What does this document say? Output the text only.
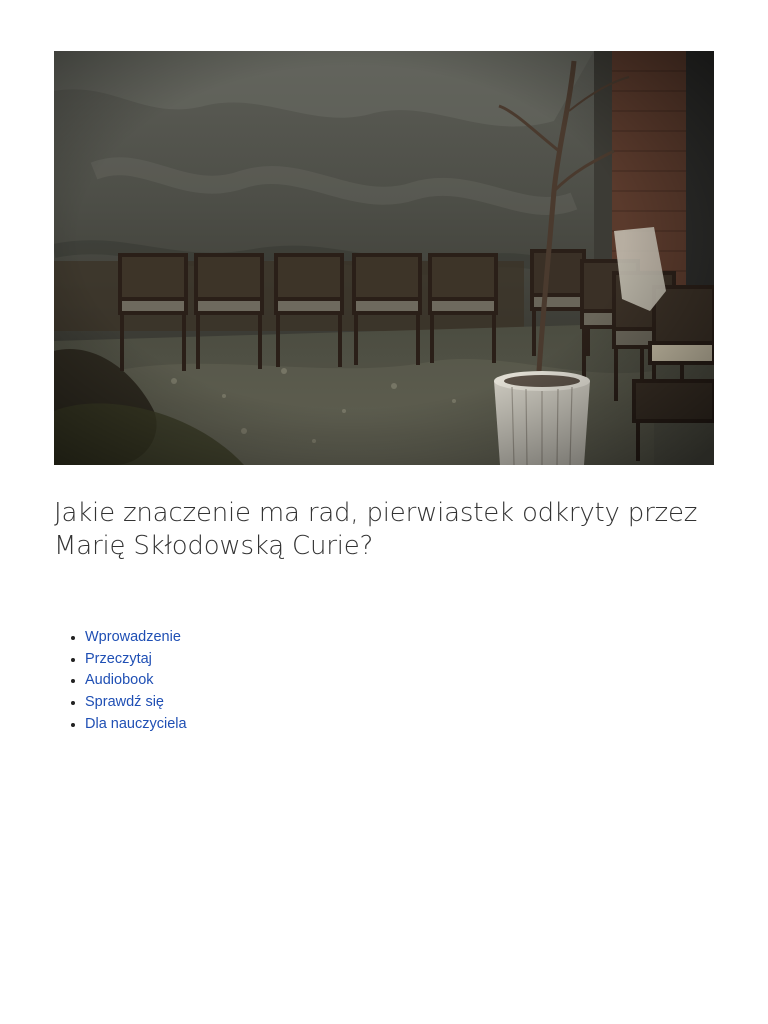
Jakie znaczenie ma rad, pierwiastek odkryty przez Marię Skłodowską Curie?
Wprowadzenie
Przeczytaj
Audiobook
Sprawdź się
Dla nauczyciela
